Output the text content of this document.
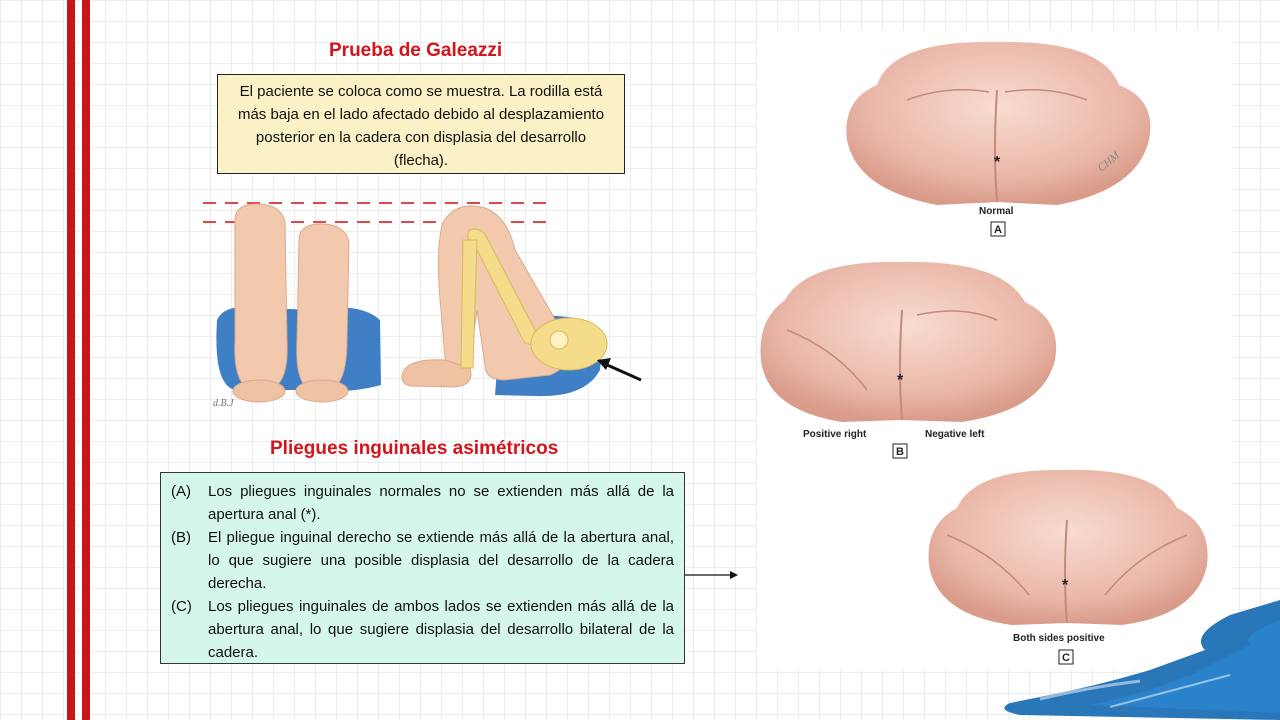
Prueba de Galeazzi
El paciente se coloca como se muestra. La rodilla está más baja en el lado afectado debido al desplazamiento posterior en la cadera con displasia del desarrollo (flecha).
d.B.J
Pliegues inguinales asimétricos
(A)	Los pliegues inguinales normales no se extienden más allá de la apertura anal (*).
(B)	El pliegue inguinal derecho se extiende más allá de la abertura anal, lo que sugiere una posible displasia del desarrollo de la cadera derecha.
(C)	Los pliegues inguinales de ambos lados se extienden más allá de la abertura anal, lo que sugiere displasia del desarrollo bilateral de la cadera.
*	CHM
Normal
A
*
Positive right	Negative left
B
*
Both sides positive
C
